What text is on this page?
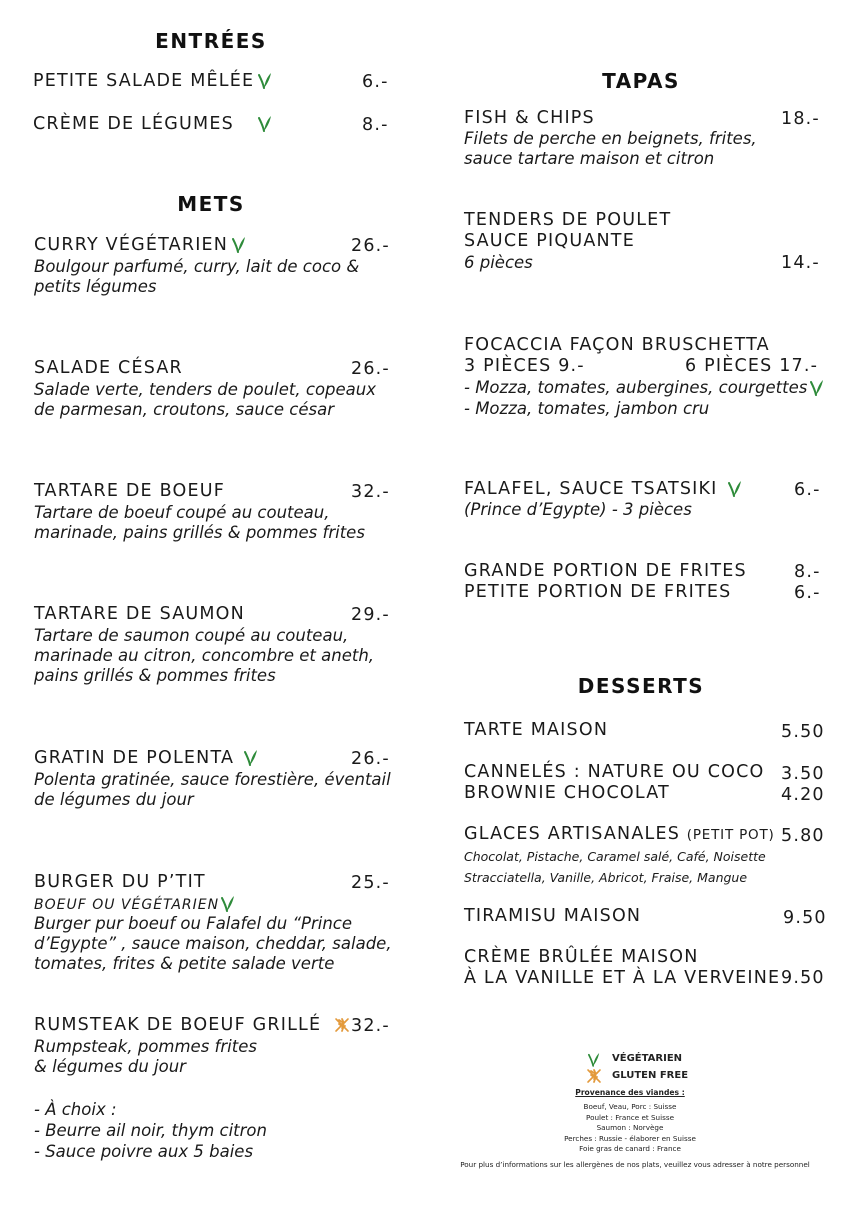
ENTRÉES
PETITE SALADE MÊLÉE	6.-
CRÈME DE LÉGUMES	8.-
METS
CURRY VÉGÉTARIEN	26.-
Boulgour parfumé, curry, lait de coco &
petits légumes
SALADE CÉSAR	26.-
Salade verte, tenders de poulet, copeaux
de parmesan, croutons, sauce césar
TARTARE DE BOEUF	32.-
Tartare de boeuf coupé au couteau,
marinade, pains grillés & pommes frites
TARTARE DE SAUMON	29.-
Tartare de saumon coupé au couteau,
marinade au citron, concombre et aneth,
pains grillés & pommes frites
GRATIN DE POLENTA	26.-
Polenta gratinée, sauce forestière, éventail
de légumes du jour
BURGER DU P’TIT	25.-
BOEUF OU VÉGÉTARIEN
Burger pur boeuf ou Falafel du “Prince
d’Egypte” , sauce maison, cheddar, salade,
tomates, frites & petite salade verte
RUMSTEAK DE BOEUF GRILLÉ 32.-
Rumpsteak, pommes frites
& légumes du jour
- À choix :
- Beurre ail noir, thym citron
- Sauce poivre aux 5 baies
TAPAS
FISH & CHIPS	18.-
Filets de perche en beignets, frites,
sauce tartare maison et citron
TENDERS DE POULET
SAUCE PIQUANTE
6 pièces	14.-
FOCACCIA FAÇON BRUSCHETTA
3 PIÈCES 9.-	6 PIÈCES 17.-
- Mozza, tomates, aubergines, courgettes
- Mozza, tomates, jambon cru
FALAFEL, SAUCE TSATSIKI	6.-
(Prince d’Egypte) - 3 pièces
GRANDE PORTION DE FRITES	8.-
PETITE PORTION DE FRITES	6.-
DESSERTS
TARTE MAISON	5.50
CANNELÉS : NATURE OU COCO 3.50
BROWNIE CHOCOLAT	4.20
GLACES ARTISANALES (PETIT POT) 5.80
Chocolat, Pistache, Caramel salé, Café, Noisette
Stracciatella, Vanille, Abricot, Fraise, Mangue
TIRAMISU MAISON	9.50
CRÈME BRÛLÉE MAISON
À LA VANILLE ET À LA VERVEINE 9.50
VÉGÉTARIEN
GLUTEN FREE
Provenance des viandes :
Boeuf, Veau, Porc : Suisse
Poulet : France et Suisse
Saumon : Norvège
Perches : Russie - élaborer en Suisse
Foie gras de canard : France
Pour plus d’informations sur les allergènes de nos plats, veuillez vous adresser à notre personnel
